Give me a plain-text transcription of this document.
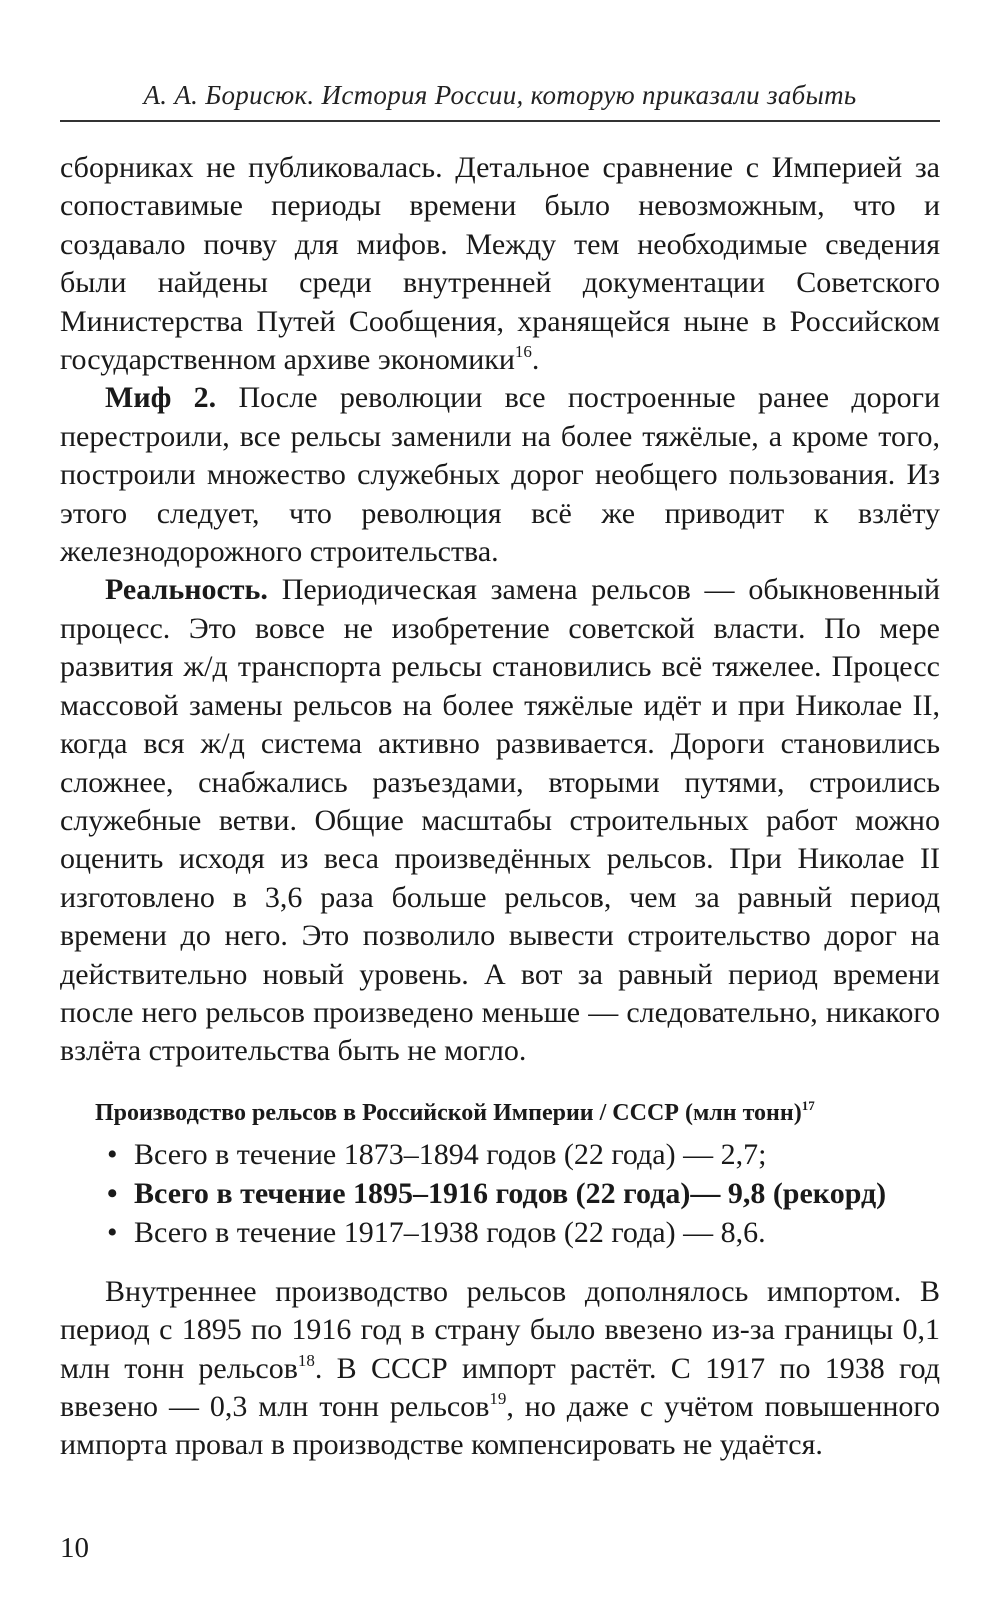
А. А. Борисюк. История России, которую приказали забыть

сборниках не публиковалась. Детальное сравнение с Империей за сопоставимые периоды времени было невозможным, что и создавало почву для мифов. Между тем необходимые сведения были найдены среди внутренней документации Советского Министерства Путей Сообщения, хранящейся ныне в Российском государственном архиве экономики$^{16}$.

Миф 2. После революции все построенные ранее дороги перестроили, все рельсы заменили на более тяжёлые, а кроме того, построили множество служебных дорог необщего пользования. Из этого следует, что революция всё же приводит к взлёту железнодорожного строительства.

Реальность. Периодическая замена рельсов — обыкновенный процесс. Это вовсе не изобретение советской власти. По мере развития ж/д транспорта рельсы становились всё тяжелее. Процесс массовой замены рельсов на более тяжёлые идёт и при Николае II, когда вся ж/д система активно развивается. Дороги становились сложнее, снабжались разъездами, вторыми путями, строились служебные ветви. Общие масштабы строительных работ можно оценить исходя из веса произведённых рельсов. При Николае II изготовлено в 3,6 раза больше рельсов, чем за равный период времени до него. Это позволило вывести строительство дорог на действительно новый уровень. А вот за равный период времени после него рельсов произведено меньше — следовательно, никакого взлёта строительства быть не могло.

Производство рельсов в Российской Империи / СССР (млн тонн)$^{17}$

• Всего в течение 1873–1894 годов (22 года) — 2,7;
• Всего в течение 1895–1916 годов (22 года)— 9,8 (рекорд)
• Всего в течение 1917–1938 годов (22 года) — 8,6.

Внутреннее производство рельсов дополнялось импортом. В период с 1895 по 1916 год в страну было ввезено из-за границы 0,1 млн тонн рельсов$^{18}$. В СССР импорт растёт. С 1917 по 1938 год ввезено — 0,3 млн тонн рельсов$^{19}$, но даже с учётом повышенного импорта провал в производстве компенсировать не удаётся.

10
